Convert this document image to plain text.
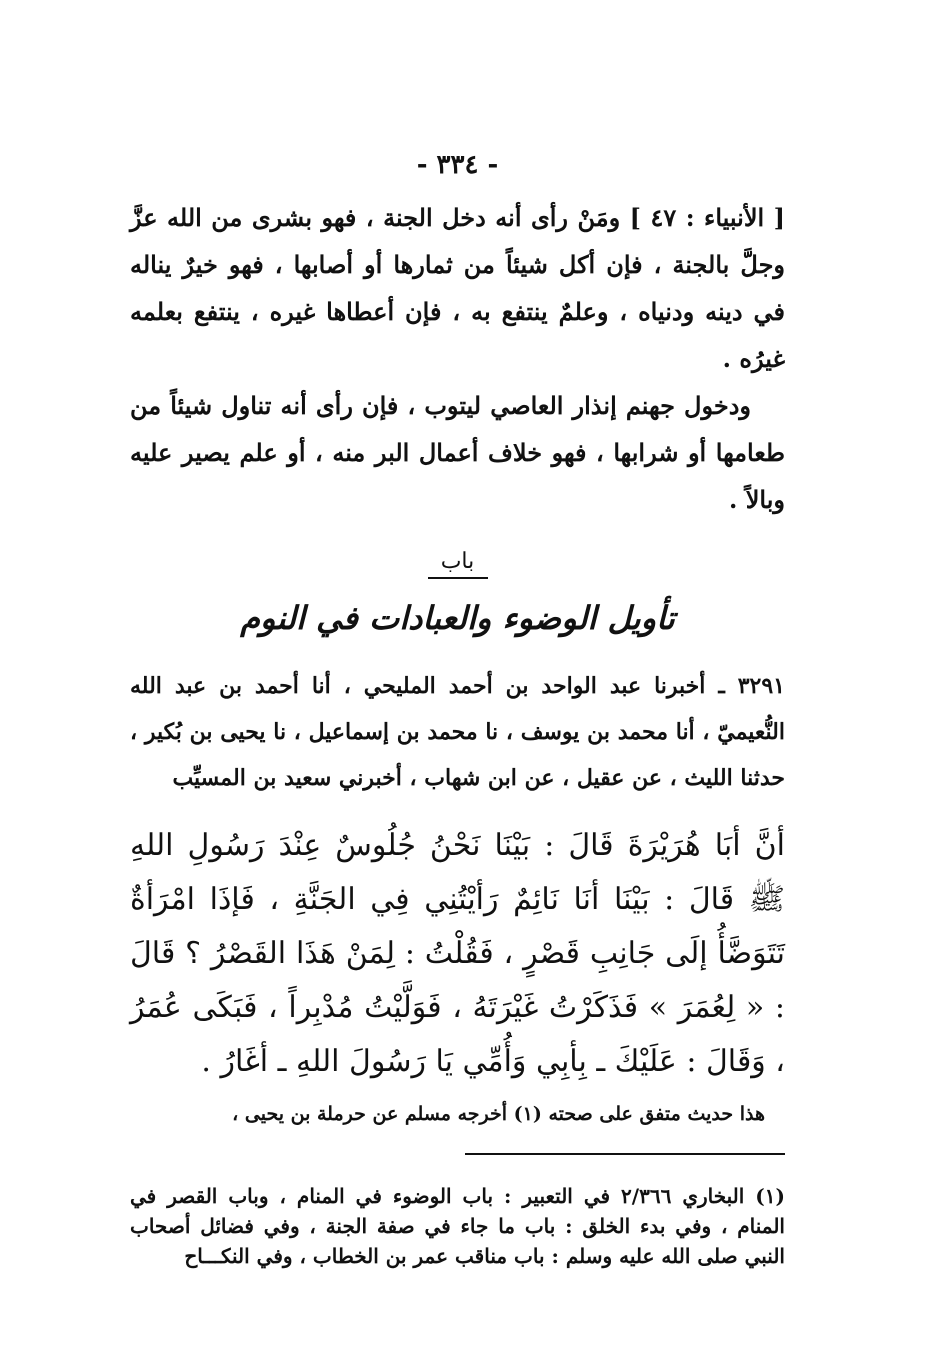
- ٣٣٤ -

[ الأنبياء : ٤٧ ] ومَنْ رأى أنه دخل الجنة ، فهو بشرى من الله عزَّ وجلَّ بالجنة ، فإن أكل شيئاً من ثمارها أو أصابها ، فهو خيرٌ يناله في دينه ودنياه ، وعلمٌ ينتفع به ، فإن أعطاها غيره ، ينتفع بعلمه غيرُه .

ودخول جهنم إنذار العاصي ليتوب ، فإن رأى أنه تناول شيئاً من طعامها أو شرابها ، فهو خلاف أعمال البر منه ، أو علم يصير عليه وبالاً .

باب
تأويل الوضوء والعبادات في النوم

٣٢٩١ ـ أخبرنا عبد الواحد بن أحمد المليحي ، أنا أحمد بن عبد الله النُّعيميّ ، أنا محمد بن يوسف ، نا محمد بن إسماعيل ، نا يحيى بن بُكير ، حدثنا الليث ، عن عقيل ، عن ابن شهاب ، أخبرني سعيد بن المسيِّب

أنَّ أبَا هُرَيْرَةَ قَالَ : بَيْنَا نَحْنُ جُلُوسٌ عِنْدَ رَسُولِ اللهِ ﷺ قَالَ : بَيْنَا أنَا نَائِمٌ رَأيْتُنِي فِي الجَنَّةِ ، فَإذَا امْرَأةٌ تَتَوَضَّأُ إلَى جَانِبِ قَصْرٍ ، فَقُلْتُ : لِمَنْ هَذَا القَصْرُ ؟ قَالَ : « لِعُمَرَ » فَذَكَرْتُ غَيْرَتَهُ ، فَوَلَّيْتُ مُدْبِراً ، فَبَكَى عُمَرُ ، وَقَالَ : عَلَيْكَ ـ بِأبِي وَأُمِّي يَا رَسُولَ اللهِ ـ أغَارُ .

هذا حديث متفق على صحته (١) أخرجه مسلم عن حرملة بن يحيى ،

(١) البخاري ٢/٣٦٦ في التعبير : باب الوضوء في المنام ، وباب القصر في المنام ، وفي بدء الخلق : باب ما جاء في صفة الجنة ، وفي فضائل أصحاب النبي صلى الله عليه وسلم : باب مناقب عمر بن الخطاب ، وفي النكـــاح
